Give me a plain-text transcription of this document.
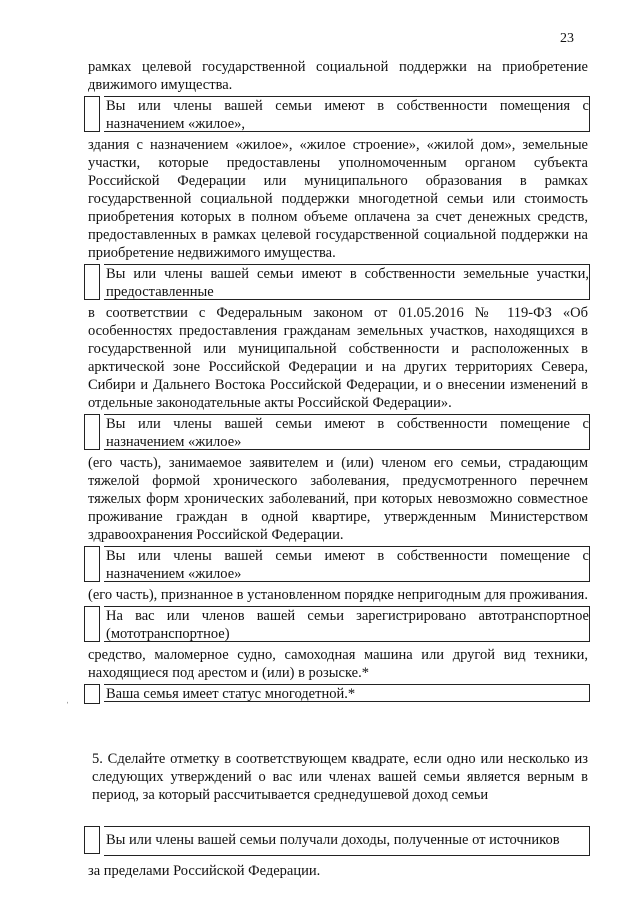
23

рамках целевой государственной социальной поддержки на приобретение движимого имущества.

Вы или члены вашей семьи имеют в собственности помещения с назначением «жилое»,

здания с назначением «жилое», «жилое строение», «жилой дом», земельные участки, которые предоставлены уполномоченным органом субъекта Российской Федерации или муниципального образования в рамках государственной социальной поддержки многодетной семьи или стоимость приобретения которых в полном объеме оплачена за счет денежных средств, предоставленных в рамках целевой государственной социальной поддержки на приобретение недвижимого имущества.

Вы или члены вашей семьи имеют в собственности земельные участки, предоставленные

в соответствии с Федеральным законом от 01.05.2016 № 119-ФЗ «Об особенностях предоставления гражданам земельных участков, находящихся в государственной или муниципальной собственности и расположенных в арктической зоне Российской Федерации и на других территориях Севера, Сибири и Дальнего Востока Российской Федерации, и о внесении изменений в отдельные законодательные акты Российской Федерации».

Вы или члены вашей семьи имеют в собственности помещение с назначением «жилое»

(его часть), занимаемое заявителем и (или) членом его семьи, страдающим тяжелой формой хронического заболевания, предусмотренного перечнем тяжелых форм хронических заболеваний, при которых невозможно совместное проживание граждан в одной квартире, утвержденным Министерством здравоохранения Российской Федерации.

Вы или члены вашей семьи имеют в собственности помещение с назначением «жилое»

(его часть), признанное в установленном порядке непригодным для проживания.

На вас или членов вашей семьи зарегистрировано автотранспортное (мототранспортное)

средство, маломерное судно, самоходная машина или другой вид техники, находящиеся под арестом и (или) в розыске.*

Ваша семья имеет статус многодетной.*

5. Сделайте отметку в соответствующем квадрате, если одно или несколько из следующих утверждений о вас или членах вашей семьи является верным в период, за который рассчитывается среднедушевой доход семьи

Вы или члены вашей семьи получали доходы, полученные от источников

за пределами Российской Федерации.

ˌ
